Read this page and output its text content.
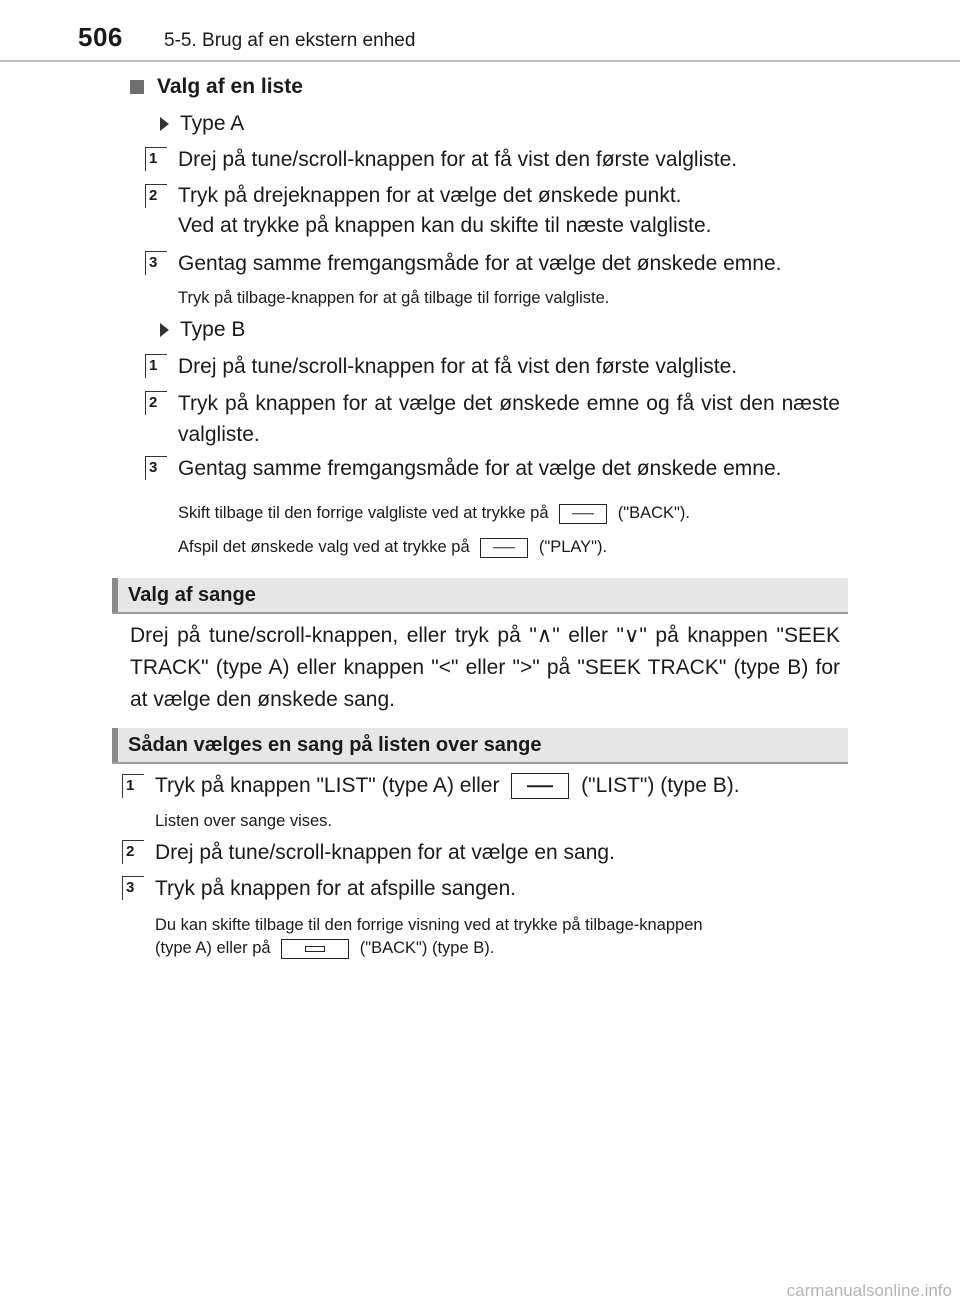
506 5-5. Brug af en ekstern enhed
Valg af en liste
Type A
1 Drej på tune/scroll-knappen for at få vist den første valgliste.
2 Tryk på drejeknappen for at vælge det ønskede punkt.
Ved at trykke på knappen kan du skifte til næste valgliste.
3 Gentag samme fremgangsmåde for at vælge det ønskede emne.
Tryk på tilbage-knappen for at gå tilbage til forrige valgliste.
Type B
1 Drej på tune/scroll-knappen for at få vist den første valgliste.
2 Tryk på knappen for at vælge det ønskede emne og få vist den næste valgliste.
3 Gentag samme fremgangsmåde for at vælge det ønskede emne.
Skift tilbage til den forrige valgliste ved at trykke på	("BACK").
Afspil det ønskede valg ved at trykke på	("PLAY").
Valg af sange
Drej på tune/scroll-knappen, eller tryk på "∧" eller "∨" på knappen "SEEK TRACK" (type A) eller knappen "<" eller ">" på "SEEK TRACK" (type B) for at vælge den ønskede sang.
Sådan vælges en sang på listen over sange
1 Tryk på knappen "LIST" (type A) eller	("LIST") (type B).
Listen over sange vises.
2 Drej på tune/scroll-knappen for at vælge en sang.
3 Tryk på knappen for at afspille sangen.
Du kan skifte tilbage til den forrige visning ved at trykke på tilbage-knappen
(type A) eller på	("BACK") (type B).
carmanualsonline.info
